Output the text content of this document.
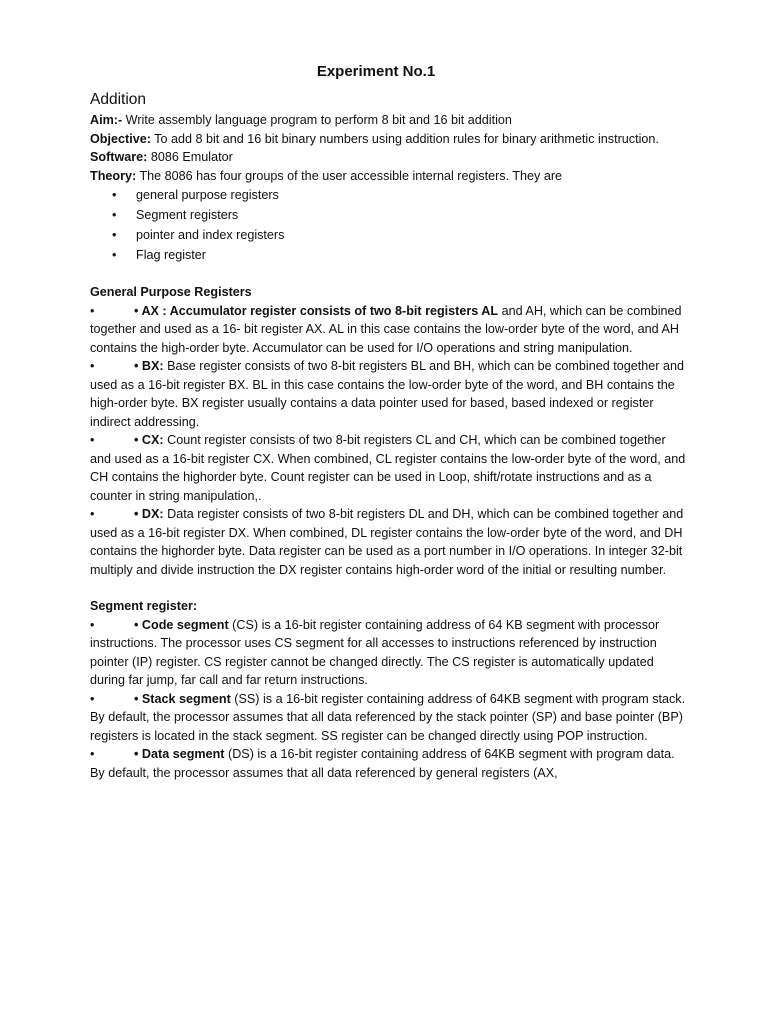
Experiment No.1
Addition

Aim:- Write assembly language program to perform 8 bit and 16 bit addition

Objective: To add 8 bit and 16 bit binary numbers using addition rules for binary arithmetic instruction.

Software: 8086 Emulator

Theory: The 8086 has four groups of the user accessible internal registers. They are

• general purpose registers
• Segment registers
• pointer and index registers
• Flag register

General Purpose Registers

•	• AX : Accumulator register consists of two 8-bit registers AL and AH, which can be combined together and used as a 16- bit register AX. AL in this case contains the low-order byte of the word, and AH contains the high-order byte. Accumulator can be used for I/O operations and string manipulation.

•	• BX: Base register consists of two 8-bit registers BL and BH, which can be combined together and used as a 16-bit register BX. BL in this case contains the low-order byte of the word, and BH contains the high-order byte. BX register usually contains a data pointer used for based, based indexed or register indirect addressing.

•	• CX: Count register consists of two 8-bit registers CL and CH, which can be combined together and used as a 16-bit register CX. When combined, CL register contains the low-order byte of the word, and CH contains the highorder byte. Count register can be used in Loop, shift/rotate instructions and as a counter in string manipulation,.

•	• DX: Data register consists of two 8-bit registers DL and DH, which can be combined together and used as a 16-bit register DX. When combined, DL register contains the low-order byte of the word, and DH contains the highorder byte. Data register can be used as a port number in I/O operations. In integer 32-bit multiply and divide instruction the DX register contains high-order word of the initial or resulting number.

Segment register:

•	• Code segment (CS) is a 16-bit register containing address of 64 KB segment with processor instructions. The processor uses CS segment for all accesses to instructions referenced by instruction pointer (IP) register. CS register cannot be changed directly. The CS register is automatically updated during far jump, far call and far return instructions.

•	• Stack segment (SS) is a 16-bit register containing address of 64KB segment with program stack. By default, the processor assumes that all data referenced by the stack pointer (SP) and base pointer (BP) registers is located in the stack segment. SS register can be changed directly using POP instruction.

•	• Data segment (DS) is a 16-bit register containing address of 64KB segment with program data. By default, the processor assumes that all data referenced by general registers (AX,
